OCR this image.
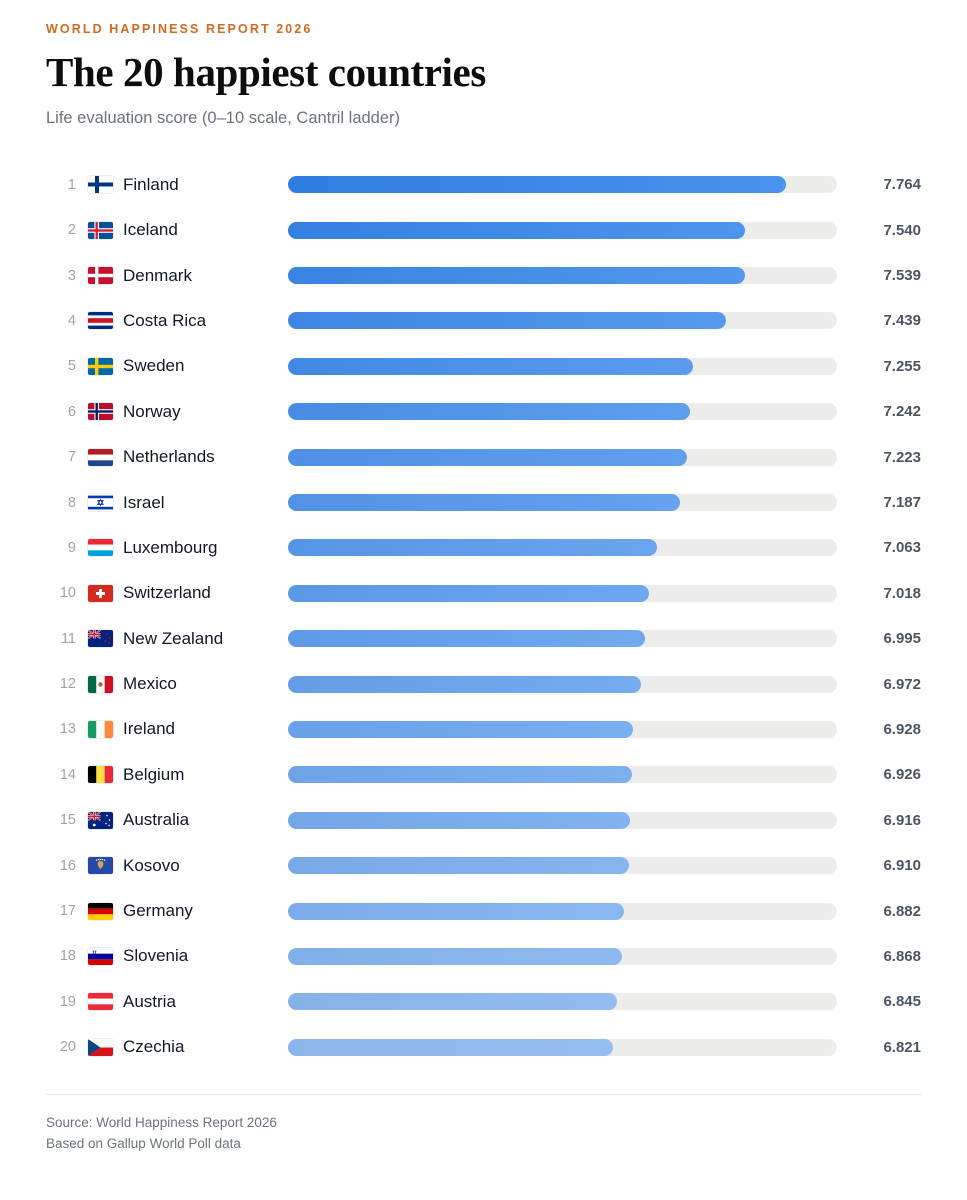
WORLD HAPPINESS REPORT 2026
The 20 happiest countries
Life evaluation score (0–10 scale, Cantril ladder)
1	Finland	7.764
2	Iceland	7.540
3	Denmark	7.539
4	Costa Rica	7.439
5	Sweden	7.255
6	Norway	7.242
7	Netherlands	7.223
8	Israel	7.187
9	Luxembourg	7.063
10	Switzerland	7.018
11	New Zealand	6.995
12	Mexico	6.972
13	Ireland	6.928
14	Belgium	6.926
15	Australia	6.916
16	Kosovo	6.910
17	Germany	6.882
18	Slovenia	6.868
19	Austria	6.845
20	Czechia	6.821
Source: World Happiness Report 2026
Based on Gallup World Poll data
